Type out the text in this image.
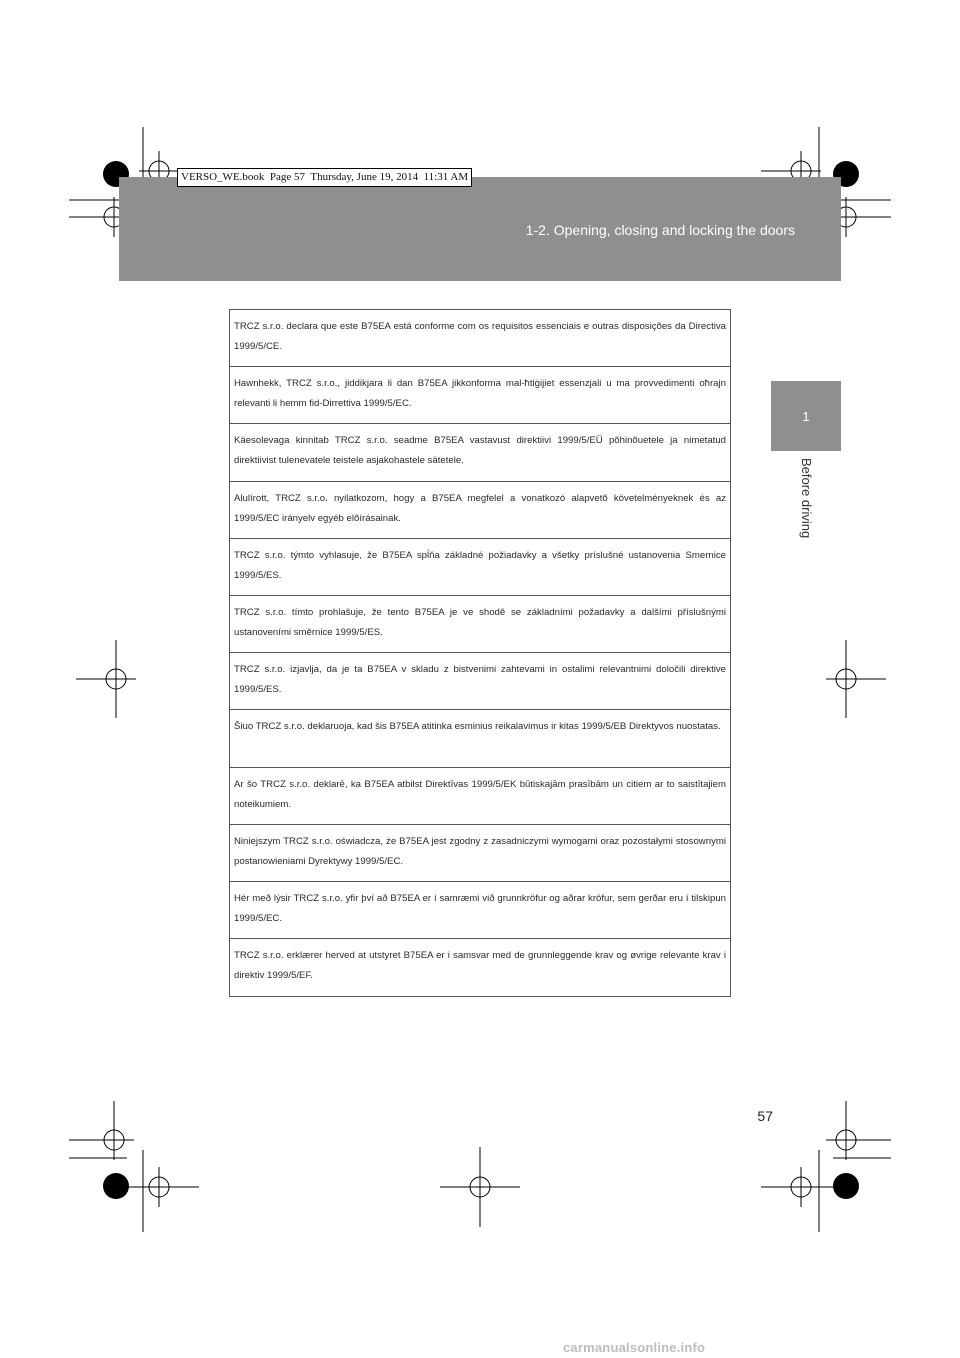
1-2. Opening, closing and locking the doors
VERSO_WE.book  Page 57  Thursday, June 19, 2014  11:31 AM
1
Before driving
TRCZ s.r.o. declara que este B75EA está conforme com os requisitos essenciais e outras disposições da Directiva 1999/5/CE.
Hawnhekk, TRCZ s.r.o., jiddikjara li dan B75EA jikkonforma mal-ħtiġijiet essenzjali u ma provvedimenti oħrajn relevanti li hemm fid-Dirrettiva 1999/5/EC.
Käesolevaga kinnitab TRCZ s.r.o. seadme B75EA vastavust direktiivi 1999/5/EÜ põhinõuetele ja nimetatud direktiivist tulenevatele teistele asjakohastele sätetele.
Alulírott, TRCZ s.r.o. nyilatkozom, hogy a B75EA megfelel a vonatkozó alapvetõ követelményeknek és az 1999/5/EC irányelv egyéb elõírásainak.
TRCZ s.r.o. týmto vyhlasuje, že B75EA spĺňa základné požiadavky a všetky príslušné ustanovenia Smernice 1999/5/ES.
TRCZ s.r.o. tímto prohlašuje, že tento B75EA je ve shodě se základními požadavky a dalšími příslušnými ustanoveními směrnice 1999/5/ES.
TRCZ s.r.o. izjavlja, da je ta B75EA v skladu z bistvenimi zahtevami in ostalimi relevantnimi določili direktive 1999/5/ES.
Šiuo TRCZ s.r.o. deklaruoja, kad šis B75EA atitinka esminius reikalavimus ir kitas 1999/5/EB Direktyvos nuostatas.
Ar šo TRCZ s.r.o. deklarē, ka B75EA atbilst Direktīvas 1999/5/EK būtiskajām prasībām un citiem ar to saistītajiem noteikumiem.
Niniejszym TRCZ s.r.o. oświadcza, że B75EA jest zgodny z zasadniczymi wymogami oraz pozostałymi stosownymi postanowieniami Dyrektywy 1999/5/EC.
Hér með lýsir TRCZ s.r.o. yfir því að B75EA er í samræmi við grunnkröfur og aðrar kröfur, sem gerðar eru í tilskipun 1999/5/EC.
TRCZ s.r.o. erklærer herved at utstyret B75EA er i samsvar med de grunnleggende krav og øvrige relevante krav i direktiv 1999/5/EF.
57
carmanualsonline.info
